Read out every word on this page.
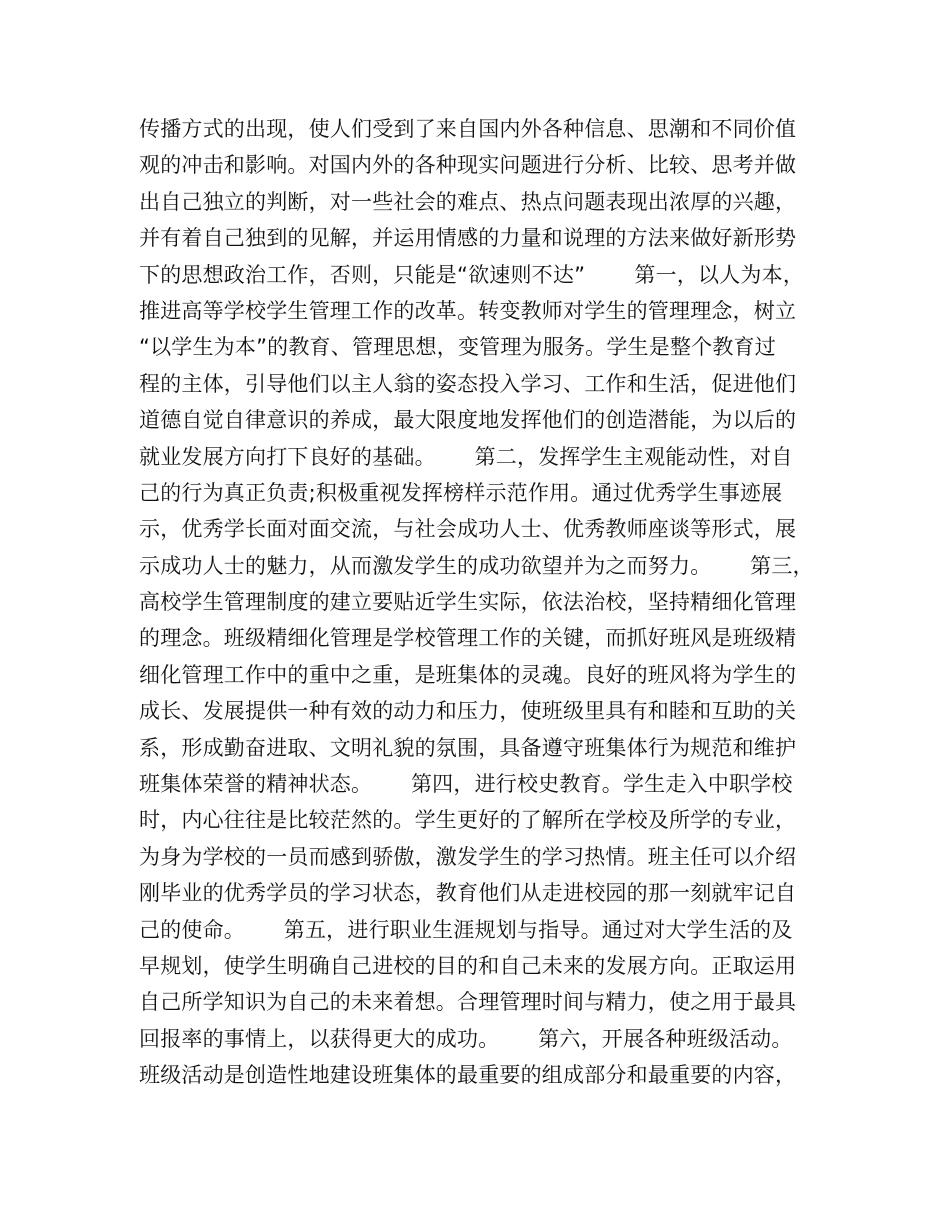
传播方式的出现，使人们受到了来自国内外各种信息、思潮和不同价值
观的冲击和影响。对国内外的各种现实问题进行分析、比较、思考并做
出自己独立的判断，对一些社会的难点、热点问题表现出浓厚的兴趣，
并有着自己独到的见解，并运用情感的力量和说理的方法来做好新形势
下的思想政治工作，否则，只能是“欲速则不达”　　 第一，以人为本，
推进高等学校学生管理工作的改革。转变教师对学生的管理理念，树立
“以学生为本”的教育、管理思想，变管理为服务。学生是整个教育过
程的主体，引导他们以主人翁的姿态投入学习、工作和生活，促进他们
道德自觉自律意识的养成，最大限度地发挥他们的创造潜能，为以后的
就业发展方向打下良好的基础。　　 第二，发挥学生主观能动性，对自
己的行为真正负责;积极重视发挥榜样示范作用。通过优秀学生事迹展
示，优秀学长面对面交流，与社会成功人士、优秀教师座谈等形式，展
示成功人士的魅力，从而激发学生的成功欲望并为之而努力。　　 第三，
高校学生管理制度的建立要贴近学生实际，依法治校，坚持精细化管理
的理念。班级精细化管理是学校管理工作的关键，而抓好班风是班级精
细化管理工作中的重中之重，是班集体的灵魂。良好的班风将为学生的
成长、发展提供一种有效的动力和压力，使班级里具有和睦和互助的关
系，形成勤奋进取、文明礼貌的氛围，具备遵守班集体行为规范和维护
班集体荣誉的精神状态。　　 第四，进行校史教育。学生走入中职学校
时，内心往往是比较茫然的。学生更好的了解所在学校及所学的专业，
为身为学校的一员而感到骄傲，激发学生的学习热情。班主任可以介绍
刚毕业的优秀学员的学习状态，教育他们从走进校园的那一刻就牢记自
己的使命。　　 第五，进行职业生涯规划与指导。通过对大学生活的及
早规划，使学生明确自己进校的目的和自己未来的发展方向。正取运用
自己所学知识为自己的未来着想。合理管理时间与精力，使之用于最具
回报率的事情上，以获得更大的成功。　　 第六，开展各种班级活动。
班级活动是创造性地建设班集体的最重要的组成部分和最重要的内容，
